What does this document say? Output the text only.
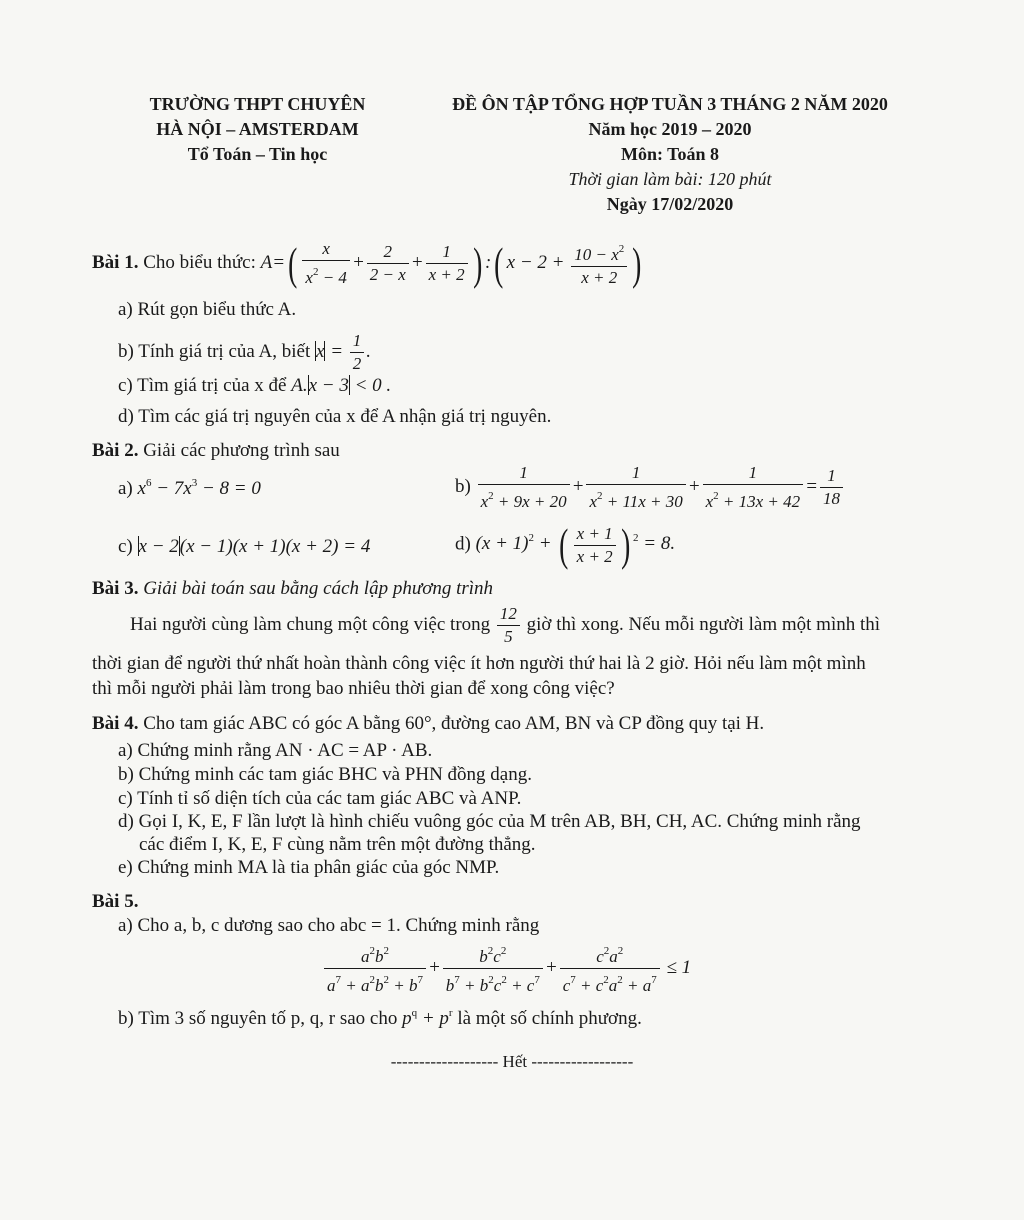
TRƯỜNG THPT CHUYÊN
HÀ NỘI – AMSTERDAM
Tổ Toán – Tin học
ĐỀ ÔN TẬP TỔNG HỢP TUẦN 3 THÁNG 2 NĂM 2020
Năm học 2019 – 2020
Môn: Toán 8
Thời gian làm bài: 120 phút
Ngày 17/02/2020
Bài 1. Cho biểu thức: $A=( \frac{x}{x^2 - 4} + \frac{2}{2 - x} + \frac{1}{x + 2}$ ) :( $x - 2 + \frac{10 - x^2}{x + 2}$ )
a) Rút gọn biểu thức A.
b) Tính giá trị của A, biết $x = \frac{1}{2}$ .
c) Tìm giá trị của x để A.x − 3 < 0 .
d) Tìm các giá trị nguyên của x để A nhận giá trị nguyên.
Bài 2. Giải các phương trình sau
a) $x^6 - 7x^3 - 8 = 0$	$b) \frac{1}{x^2 + 9x + 20} + \frac{1}{x^2 + 11x + 30} + \frac{1}{x^2 + 13x + 42} = \frac{1}{18}$
c) x − 2(x − 1)(x + 1)(x + 2) = 4	d) $(x + 1)^2$ + ( $\frac{x + 1}{x + 2}$ ) $^2$ = 8.
Bài 3. Giải bài toán sau bằng cách lập phương trình
Hai người cùng làm chung một công việc trong $\frac{12}{5}$ giờ thì xong. Nếu mỗi người làm một mình thì
thời gian để người thứ nhất hoàn thành công việc ít hơn người thứ hai là 2 giờ. Hỏi nếu làm một mình
thì mỗi người phải làm trong bao nhiêu thời gian để xong công việc?
Bài 4. Cho tam giác ABC có góc A bằng 60°, đường cao AM, BN và CP đồng quy tại H.
a) Chứng minh rằng AN · AC = AP · AB.
b) Chứng minh các tam giác BHC và PHN đồng dạng.
c) Tính tỉ số diện tích của các tam giác ABC và ANP.
d) Gọi I, K, E, F lần lượt là hình chiếu vuông góc của M trên AB, BH, CH, AC. Chứng minh rằng
các điểm I, K, E, F cùng nằm trên một đường thẳng.
e) Chứng minh MA là tia phân giác của góc NMP.
Bài 5.
a) Cho a, b, c dương sao cho abc = 1. Chứng minh rằng
$\frac{a^2b^2}{a^7 + a^2b^2 + b^7} + \frac{b^2c^2}{b^7 + b^2c^2 + c^7} + \frac{c^2a^2}{c^7 + c^2a^2 + a^7} \le 1$
b) Tìm 3 số nguyên tố p, q, r sao cho $p^q + p^r$ là một số chính phương.
------------------- Hết ------------------
